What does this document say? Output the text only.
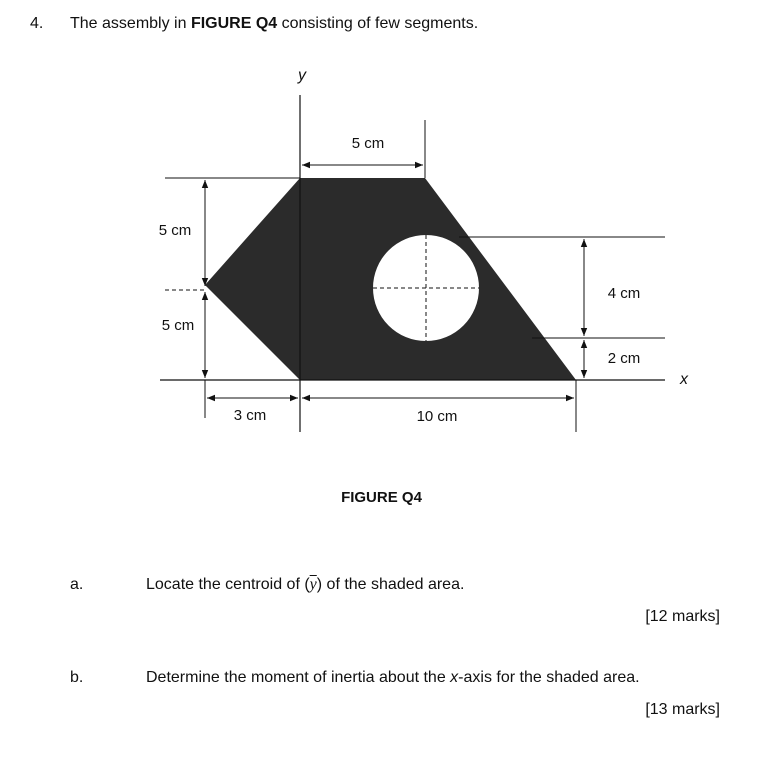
4. The assembly in FIGURE Q4 consisting of few segments.
y
x
5 cm
5 cm
5 cm
4 cm
2 cm
3 cm	10 cm
FIGURE Q4
a.	Locate the centroid of $(\overline{y})$ of the shaded area.
[12 marks]
b.	Determine the moment of inertia about the x-axis for the shaded area.
[13 marks]
